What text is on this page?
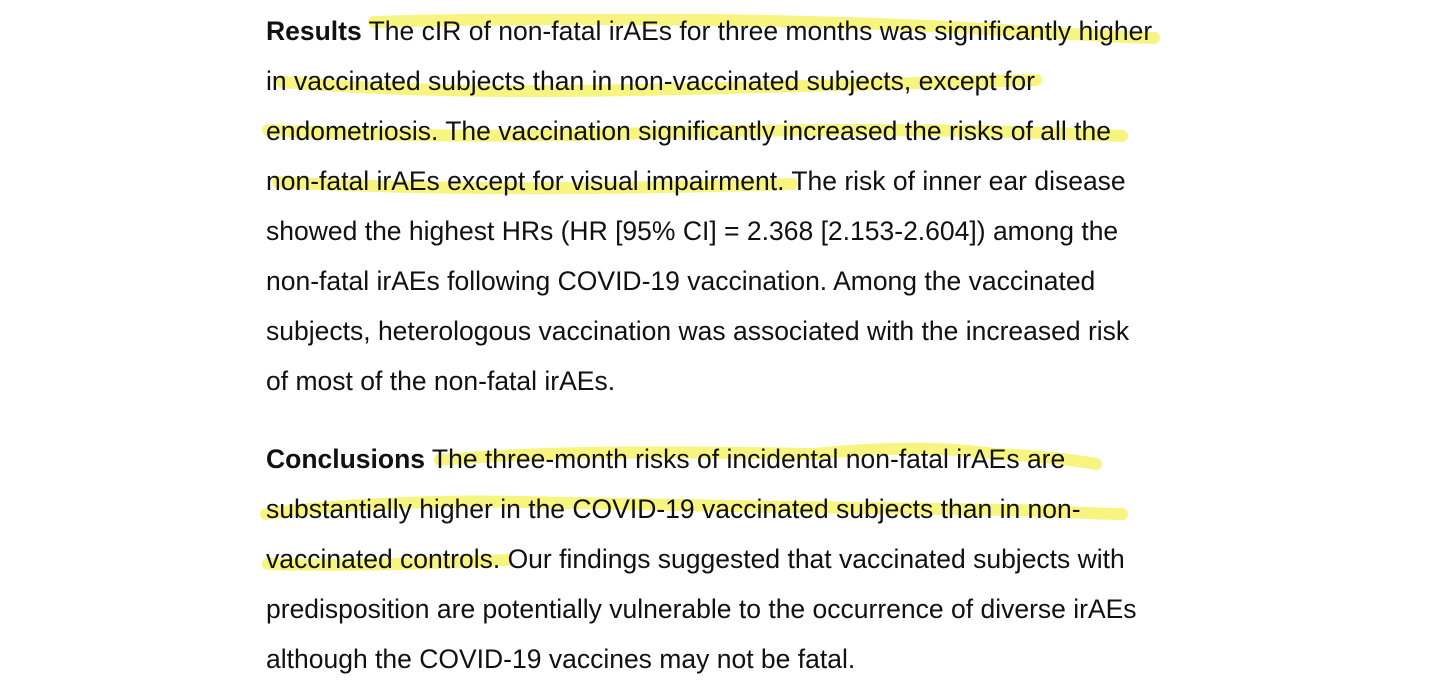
Results The cIR of non-fatal irAEs for three months was significantly higher
in vaccinated subjects than in non-vaccinated subjects, except for
endometriosis. The vaccination significantly increased the risks of all the
non-fatal irAEs except for visual impairment. The risk of inner ear disease
showed the highest HRs (HR [95% CI] = 2.368 [2.153-2.604]) among the
non-fatal irAEs following COVID-19 vaccination. Among the vaccinated
subjects, heterologous vaccination was associated with the increased risk
of most of the non-fatal irAEs.
Conclusions The three-month risks of incidental non-fatal irAEs are
substantially higher in the COVID-19 vaccinated subjects than in non-
vaccinated controls. Our findings suggested that vaccinated subjects with
predisposition are potentially vulnerable to the occurrence of diverse irAEs
although the COVID-19 vaccines may not be fatal.
